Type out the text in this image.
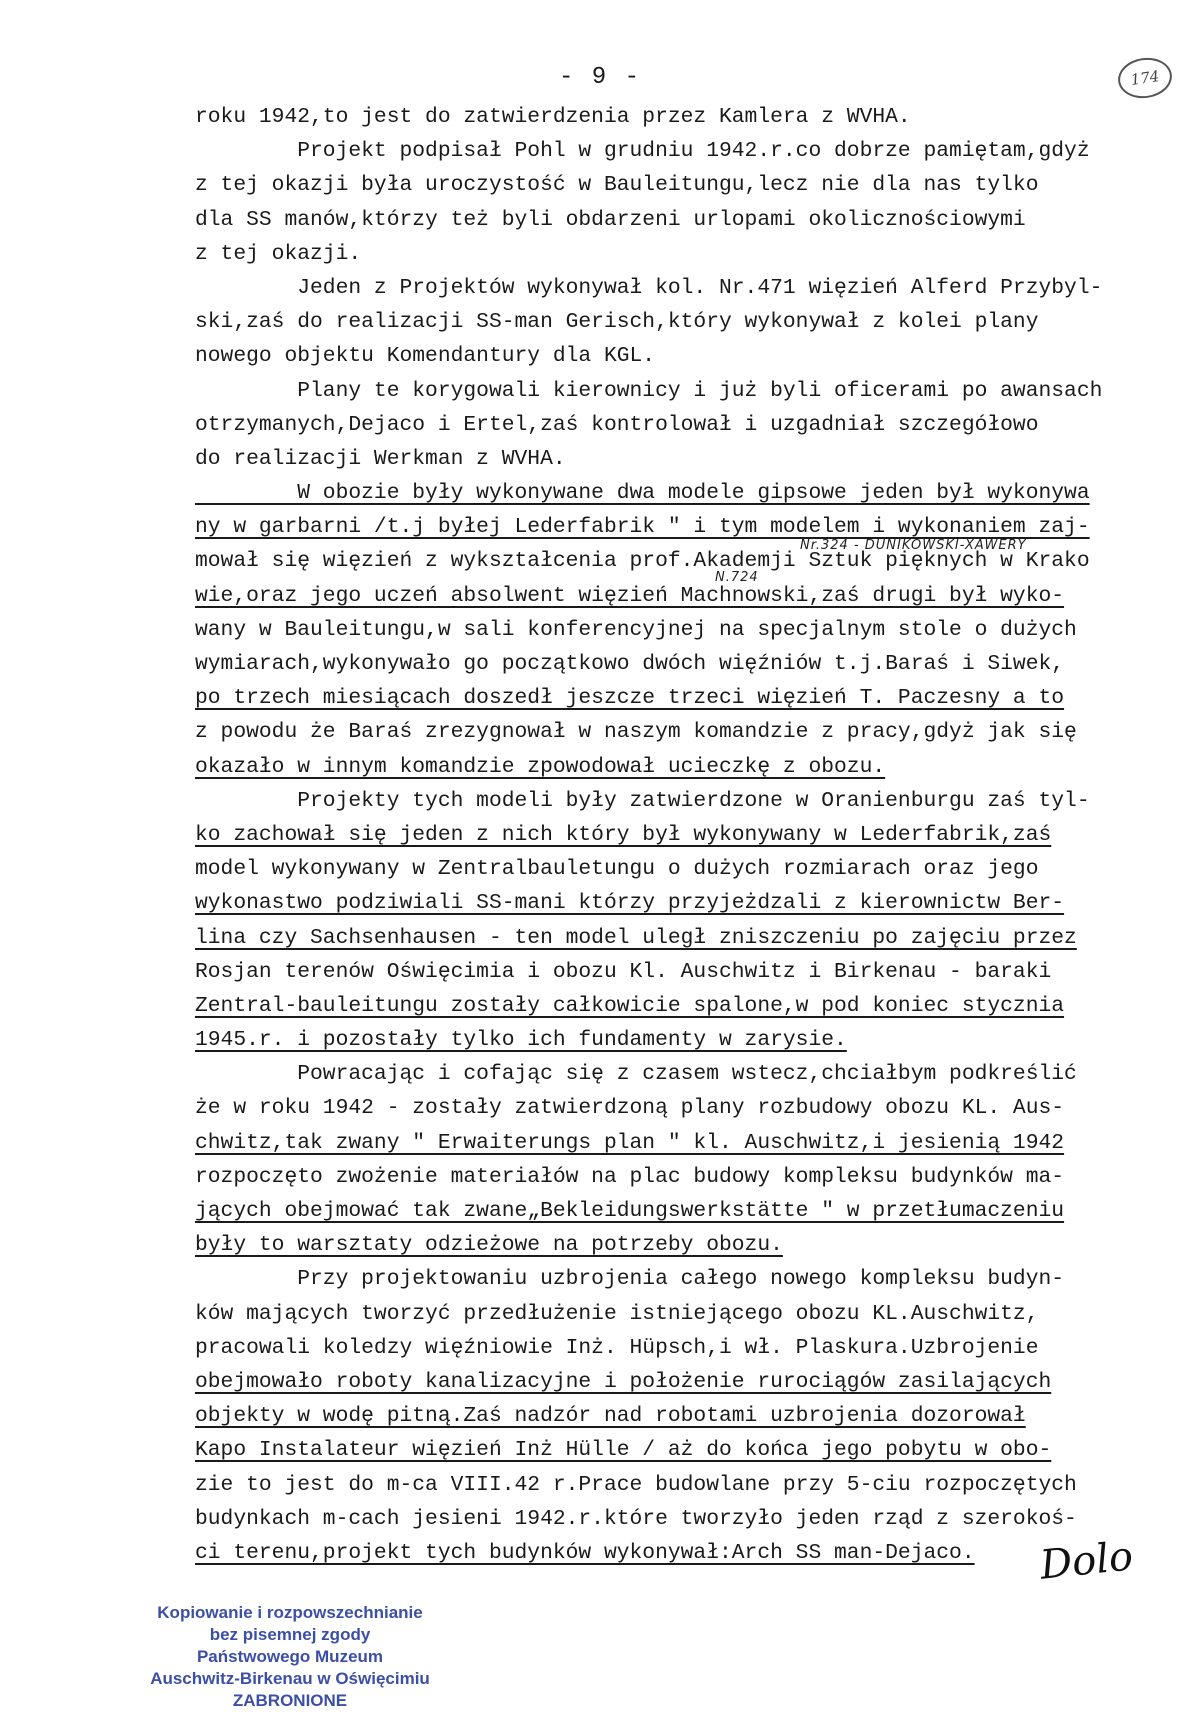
- 9 -	174
roku 1942,to jest do zatwierdzenia przez Kamlera z WVHA.
Projekt podpisał Pohl w grudniu 1942.r.co dobrze pamiętam,gdyż
z tej okazji była uroczystość w Bauleitungu,lecz nie dla nas tylko
dla SS manów,którzy też byli obdarzeni urlopami okolicznościowymi
z tej okazji.
Jeden z Projektów wykonywał kol. Nr.471 więzień Alferd Przybyl-
ski,zaś do realizacji SS-man Gerisch,który wykonywał z kolei plany
nowego objektu Komendantury dla KGL.
Plany te korygowali kierownicy i już byli oficerami po awansach
otrzymanych,Dejaco i Ertel,zaś kontrolował i uzgadniał szczegółowo
do realizacji Werkman z WVHA.
W obozie były wykonywane dwa modele gipsowe jeden był wykonywa
ny w garbarni /t.j byłej Lederfabrik " i tym modelem i wykonaniem zaj-
mował się więzień z wykształcenia prof.Akademji Sztuk pięknych w Krako
wie,oraz jego uczeń absolwent więzień Machnowski,zaś drugi był wyko-
wany w Bauleitungu,w sali konferencyjnej na specjalnym stole o dużych
wymiarach,wykonywało go początkowo dwóch więźniów t.j.Baraś i Siwek,
po trzech miesiącach doszedł jeszcze trzeci więzień T. Paczesny a to
z powodu że Baraś zrezygnował w naszym komandzie z pracy,gdyż jak się
okazało w innym komandzie zpowodował ucieczkę z obozu.
Projekty tych modeli były zatwierdzone w Oranienburgu zaś tyl-
ko zachował się jeden z nich który był wykonywany w Lederfabrik,zaś
model wykonywany w Zentralbauletungu o dużych rozmiarach oraz jego
wykonastwo podziwiali SS-mani którzy przyjeżdzali z kierownictw Ber-
lina czy Sachsenhausen - ten model uległ zniszczeniu po zajęciu przez
Rosjan terenów Oświęcimia i obozu Kl. Auschwitz i Birkenau - baraki
Zentral-bauleitungu zostały całkowicie spalone,w pod koniec stycznia
1945.r. i pozostały tylko ich fundamenty w zarysie.
Powracając i cofając się z czasem wstecz,chciałbym podkreślić
że w roku 1942 - zostały zatwierdzoną plany rozbudowy obozu KL. Aus-
chwitz,tak zwany " Erwaiterungs plan " kl. Auschwitz,i jesienią 1942
rozpoczęto zwożenie materiałów na plac budowy kompleksu budynków ma-
jących obejmować tak zwane„Bekleidungswerkstätte " w przetłumaczeniu
były to warsztaty odzieżowe na potrzeby obozu.
Przy projektowaniu uzbrojenia całego nowego kompleksu budyn-
ków mających tworzyć przedłużenie istniejącego obozu KL.Auschwitz,
pracowali koledzy więźniowie Inż. Hüpsch,i wł. Plaskura.Uzbrojenie
obejmowało roboty kanalizacyjne i położenie rurociągów zasilających
objekty w wodę pitną.Zaś nadzór nad robotami uzbrojenia dozorował
Kapo Instalateur więzień Inż Hülle / aż do końca jego pobytu w obo-
zie to jest do m-ca VIII.42 r.Prace budowlane przy 5-ciu rozpoczętych
budynkach m-cach jesieni 1942.r.które tworzyło jeden rząd z szerokoś-
ci terenu,projekt tych budynków wykonywał:Arch SS man-Dejaco.
Nr.324 - DUNIKOWSKI-XAWERY
N.724
Dolo
Kopiowanie i rozpowszechnianie
bez pisemnej zgody
Państwowego Muzeum
Auschwitz-Birkenau w Oświęcimiu
ZABRONIONE
